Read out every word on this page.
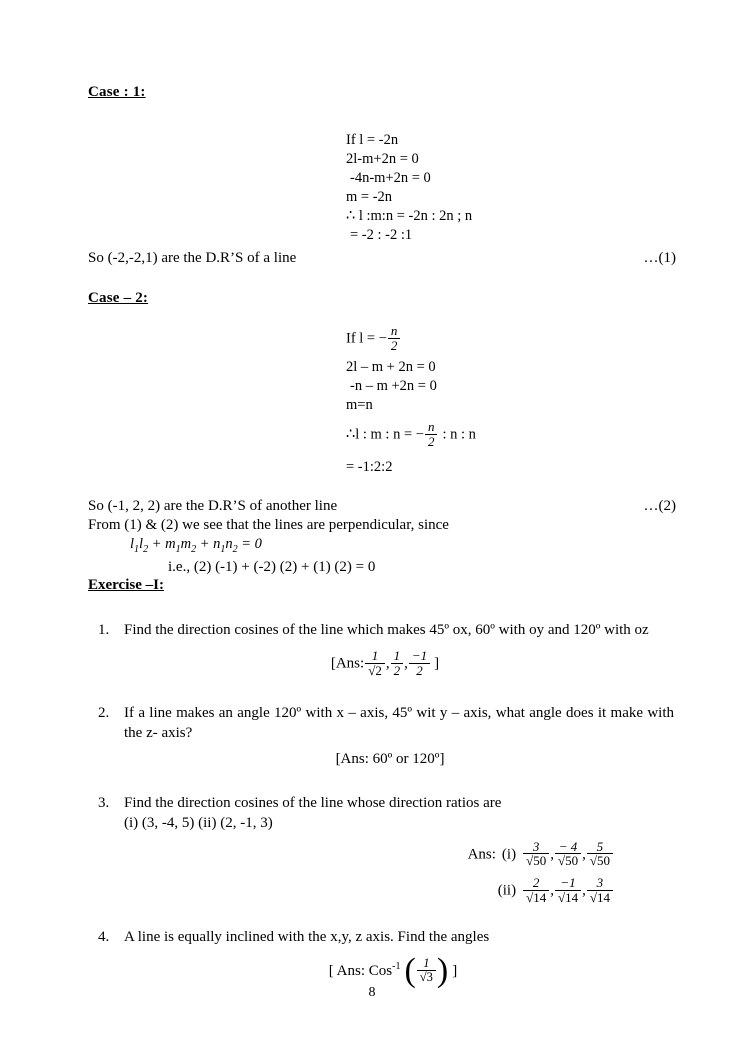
Case : 1:
If l = -2n
2l-m+2n = 0
-4n-m+2n = 0
m = -2n
∴ l :m:n = -2n : 2n ; n
= -2 : -2 :1
So (-2,-2,1) are the D.R’S of a line	…(1)
Case – 2:
If l = − $\frac{n}{2}$
2l – m + 2n = 0
-n – m +2n = 0
m=n
∴l : m : n = − $\frac{n}{2}$ : n : n
= -1:2:2
So (-1, 2, 2) are the D.R’S of another line	…(2)
From (1) & (2) we see that the lines are perpendicular, since
$l_1l_2 + m_1m_2 + n_1n_2 = 0$
i.e., (2) (-1) + (-2) (2) + (1) (2) = 0
Exercise –I:
1. Find the direction cosines of the line which makes 45º ox, 60º with oy and 120º with oz
[Ans: $\frac{1}{√2}$ , $\frac{1}{2}$ , $\frac{-1}{2}$ ]
2. If a line makes an angle 120º with x – axis, 45º wit y – axis, what angle does it make with the z- axis?
[Ans: 60º or 120º]
3. Find the direction cosines of the line whose direction ratios are
(i) (3, -4, 5) (ii) (2, -1, 3)
Ans: $(i) \frac{3}{√50}$ , $\frac{- 4}{√50}$ , $\frac{5}{√50}$
$(ii) \frac{2}{√14}$ , $\frac{-1}{√14}$ , $\frac{3}{√14}$
4. A line is equally inclined with the x,y, z axis. Find the angles
[ Ans: Cos$^{-1}$ ( $\frac{1}{√3}$ ) ]
8
